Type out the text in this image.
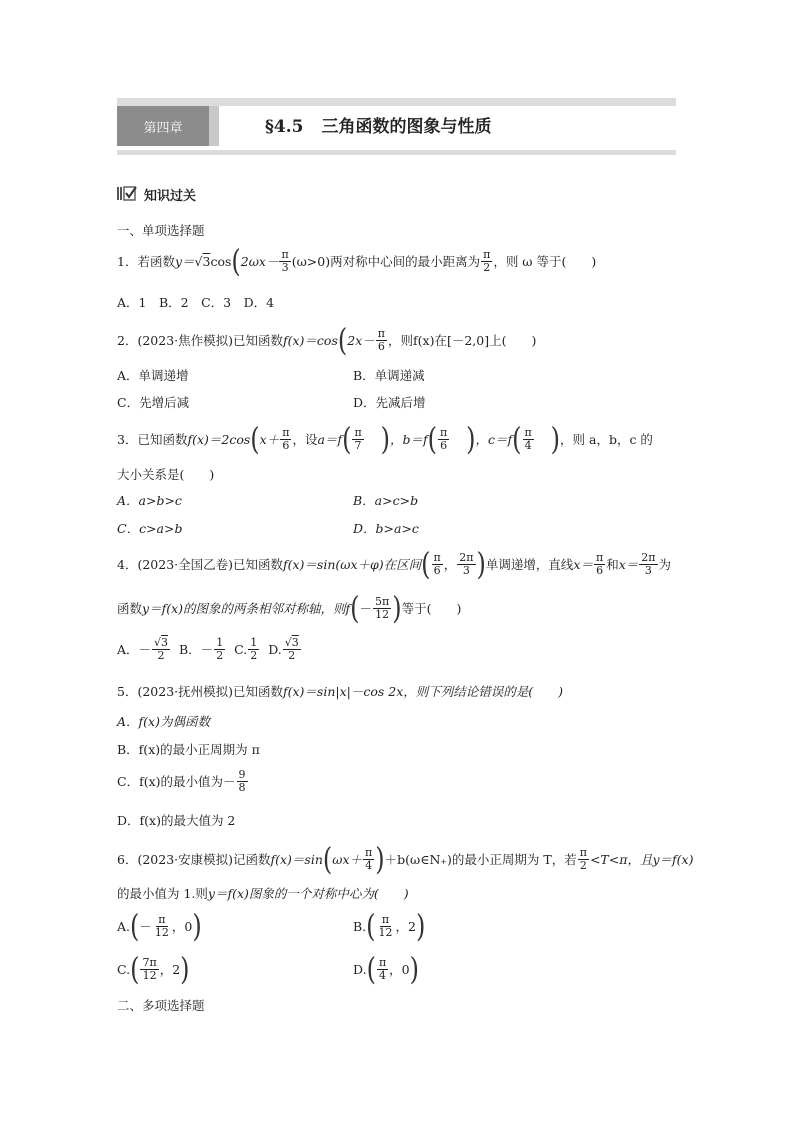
第四章	§4.5 三角函数的图象与性质
知识过关
一、单项选择题
1．若函数$y=√3\cos(2\omega x- \frac{\pi}{3} (\omega>0)$两对称中心间的最小距离为 $\frac{\pi}{2}$ ，则 ω 等于(　　)
A．1　B．2　C．3　D．4
2．(2023·焦作模拟)已知函数$f(x)=\cos(2x- \frac{\pi}{6}$ ，则f(x)在[－2,0]上(　　)
A．单调递增	B．单调递减
C．先增后减	D．先减后增
3．已知函数$f(x)=2\cos(x+ \frac{\pi}{6}$ ，设$a=f( \frac{\pi}{7}$ )，$b=f( \frac{\pi}{6}$ )，$c=f( \frac{\pi}{4}$ )，则 a，b，c 的
大小关系是(　　)
A．a>b>c	B．a>c>b
C．c>a>b	D．b>a>c
4．(2023·全国乙卷)已知函数f(x)＝sin(ωx＋φ)在区间( $\frac{\pi}{6}$ ， $\frac{2\pi}{3}$ )单调递增，直线$x= \frac{\pi}{6}$ 和$x= \frac{2\pi}{3}$ 为
函数y＝f(x)的图象的两条相邻对称轴，则$f(- \frac{5\pi}{12}$ )等于(　　)
A．－ $\frac{√3}{2}$ B．－ $\frac{1}{2} C$. $\frac{1}{2} D$. $\frac{√3}{2}$
5．(2023·抚州模拟)已知函数f(x)＝sin|x|－cos 2x，则下列结论错误的是(　　)
A．f(x)为偶函数
B．f(x)的最小正周期为 π
C．f(x)的最小值为－ $\frac{9}{8}$
D．f(x)的最大值为 2
6．(2023·安康模拟)记函数$f(x)=\sin(\omega x+ \frac{\pi}{4}$ )＋b(ω∈N₊)的最小正周期为 T，若 $\frac{\pi}{2} <T<\pi$，且y＝f(x)
的最小值为 1.则y＝f(x)图象的一个对称中心为(　　)
$A.(- \frac{\pi}{12}$ ，0)	$B.( \frac{\pi}{12}$ ，2)
$C.( \frac{7\pi}{12}$ ，2)	$D.( \frac{\pi}{4}$ ，0)
二、多项选择题
